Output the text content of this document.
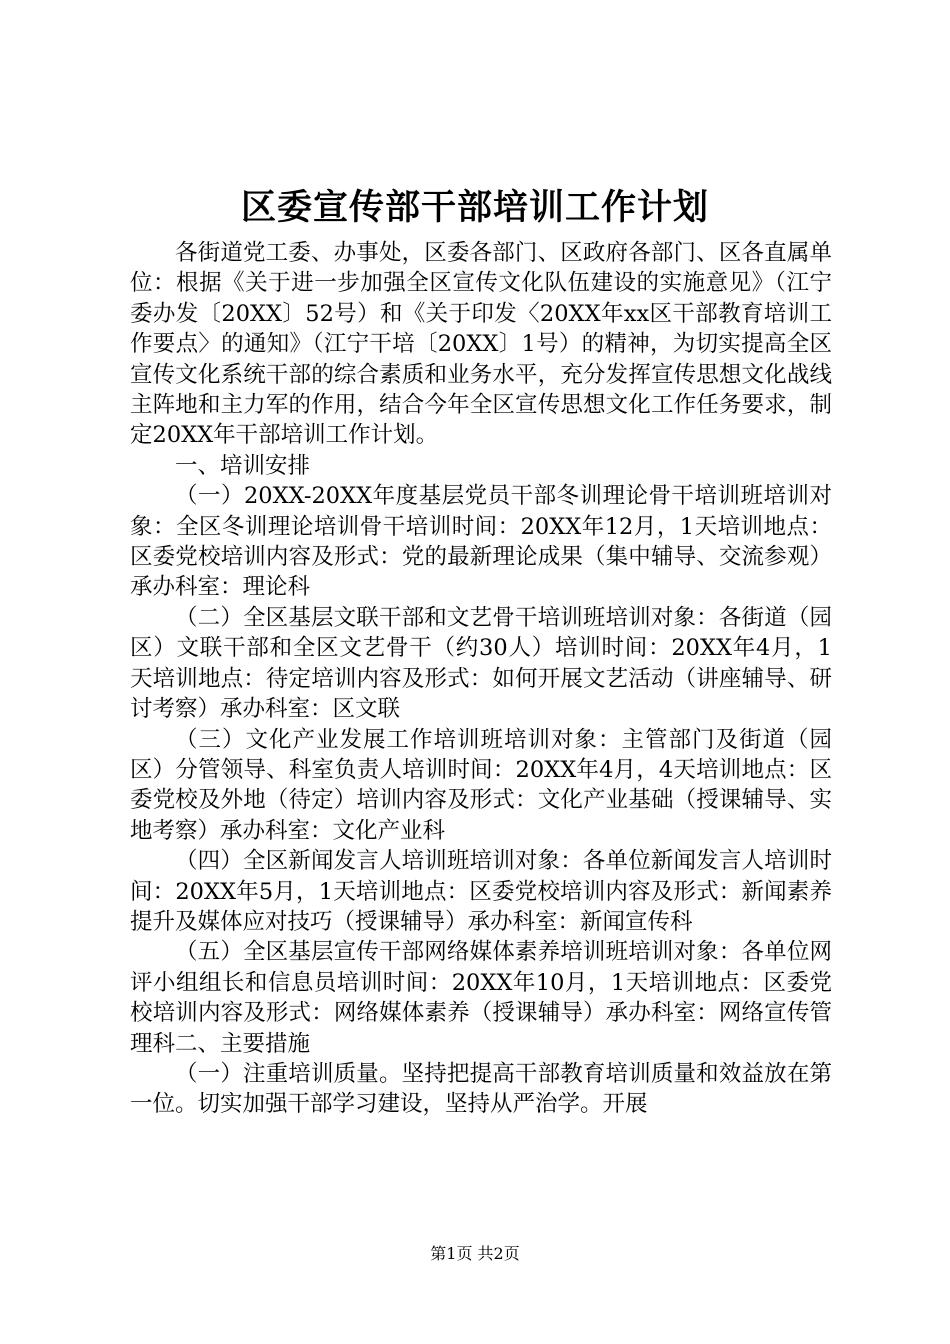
区委宣传部干部培训工作计划

各街道党工委、办事处，区委各部门、区政府各部门、区各直属单位：根据《关于进一步加强全区宣传文化队伍建设的实施意见》（江宁委办发〔20XX〕52号）和《关于印发〈20XX年xx区干部教育培训工作要点〉的通知》（江宁干培〔20XX〕1号）的精神，为切实提高全区宣传文化系统干部的综合素质和业务水平，充分发挥宣传思想文化战线主阵地和主力军的作用，结合今年全区宣传思想文化工作任务要求，制定20XX年干部培训工作计划。

一、培训安排

（一）20XX-20XX年度基层党员干部冬训理论骨干培训班培训对象：全区冬训理论培训骨干培训时间：20XX年12月，1天培训地点：区委党校培训内容及形式：党的最新理论成果（集中辅导、交流参观）承办科室：理论科

（二）全区基层文联干部和文艺骨干培训班培训对象：各街道（园区）文联干部和全区文艺骨干（约30人）培训时间：20XX年4月，1天培训地点：待定培训内容及形式：如何开展文艺活动（讲座辅导、研讨考察）承办科室：区文联

（三）文化产业发展工作培训班培训对象：主管部门及街道（园区）分管领导、科室负责人培训时间：20XX年4月，4天培训地点：区委党校及外地（待定）培训内容及形式：文化产业基础（授课辅导、实地考察）承办科室：文化产业科

（四）全区新闻发言人培训班培训对象：各单位新闻发言人培训时间：20XX年5月，1天培训地点：区委党校培训内容及形式：新闻素养提升及媒体应对技巧（授课辅导）承办科室：新闻宣传科

（五）全区基层宣传干部网络媒体素养培训班培训对象：各单位网评小组组长和信息员培训时间：20XX年10月，1天培训地点：区委党校培训内容及形式：网络媒体素养（授课辅导）承办科室：网络宣传管理科二、主要措施

（一）注重培训质量。坚持把提高干部教育培训质量和效益放在第一位。切实加强干部学习建设，坚持从严治学。开展

第1页 共2页
